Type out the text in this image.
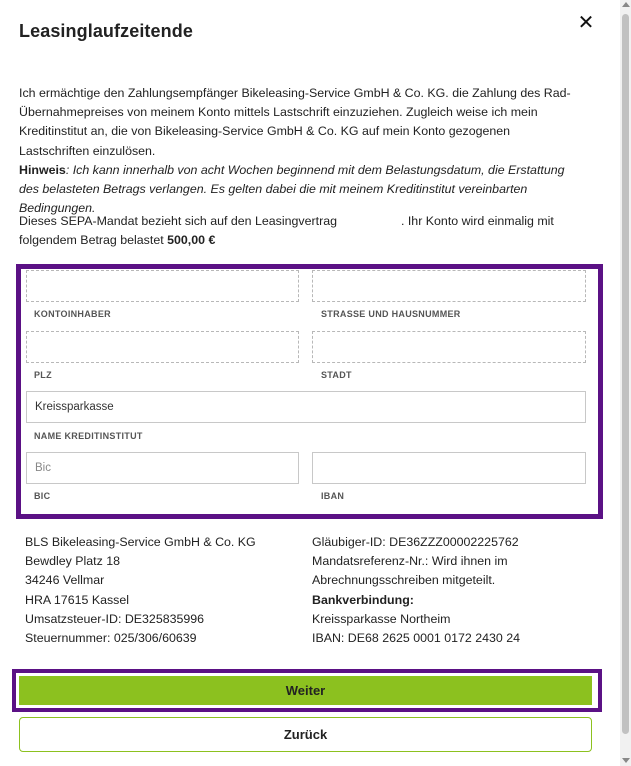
Leasinglaufzeitende	✕

Ich ermächtige den Zahlungsempfänger Bikeleasing-Service GmbH & Co. KG. die Zahlung des Rad-Übernahmepreises von meinem Konto mittels Lastschrift einzuziehen. Zugleich weise ich mein Kreditinstitut an, die von Bikeleasing-Service GmbH & Co. KG auf mein Konto gezogenen Lastschriften einzulösen.

Hinweis: Ich kann innerhalb von acht Wochen beginnend mit dem Belastungsdatum, die Erstattung des belasteten Betrags verlangen. Es gelten dabei die mit meinem Kreditinstitut vereinbarten Bedingungen.

Dieses SEPA-Mandat bezieht sich auf den Leasingvertrag	. Ihr Konto wird einmalig mit folgendem Betrag belastet 500,00 €
KONTOINHABER	STRASSE UND HAUSNUMMER
PLZ	STADT
Kreissparkasse
NAME KREDITINSTITUT
Bic
BIC	IBAN
BLS Bikeleasing-Service GmbH & Co. KG
Bewdley Platz 18
34246 Vellmar
HRA 17615 Kassel
Umsatzsteuer-ID: DE325835996
Steuernummer: 025/306/60639
Gläubiger-ID: DE36ZZZ00002225762
Mandatsreferenz-Nr.: Wird ihnen im Abrechnungsschreiben mitgeteilt.
Bankverbindung:
Kreissparkasse Northeim
IBAN: DE68 2625 0001 0172 2430 24
Weiter
Zurück
